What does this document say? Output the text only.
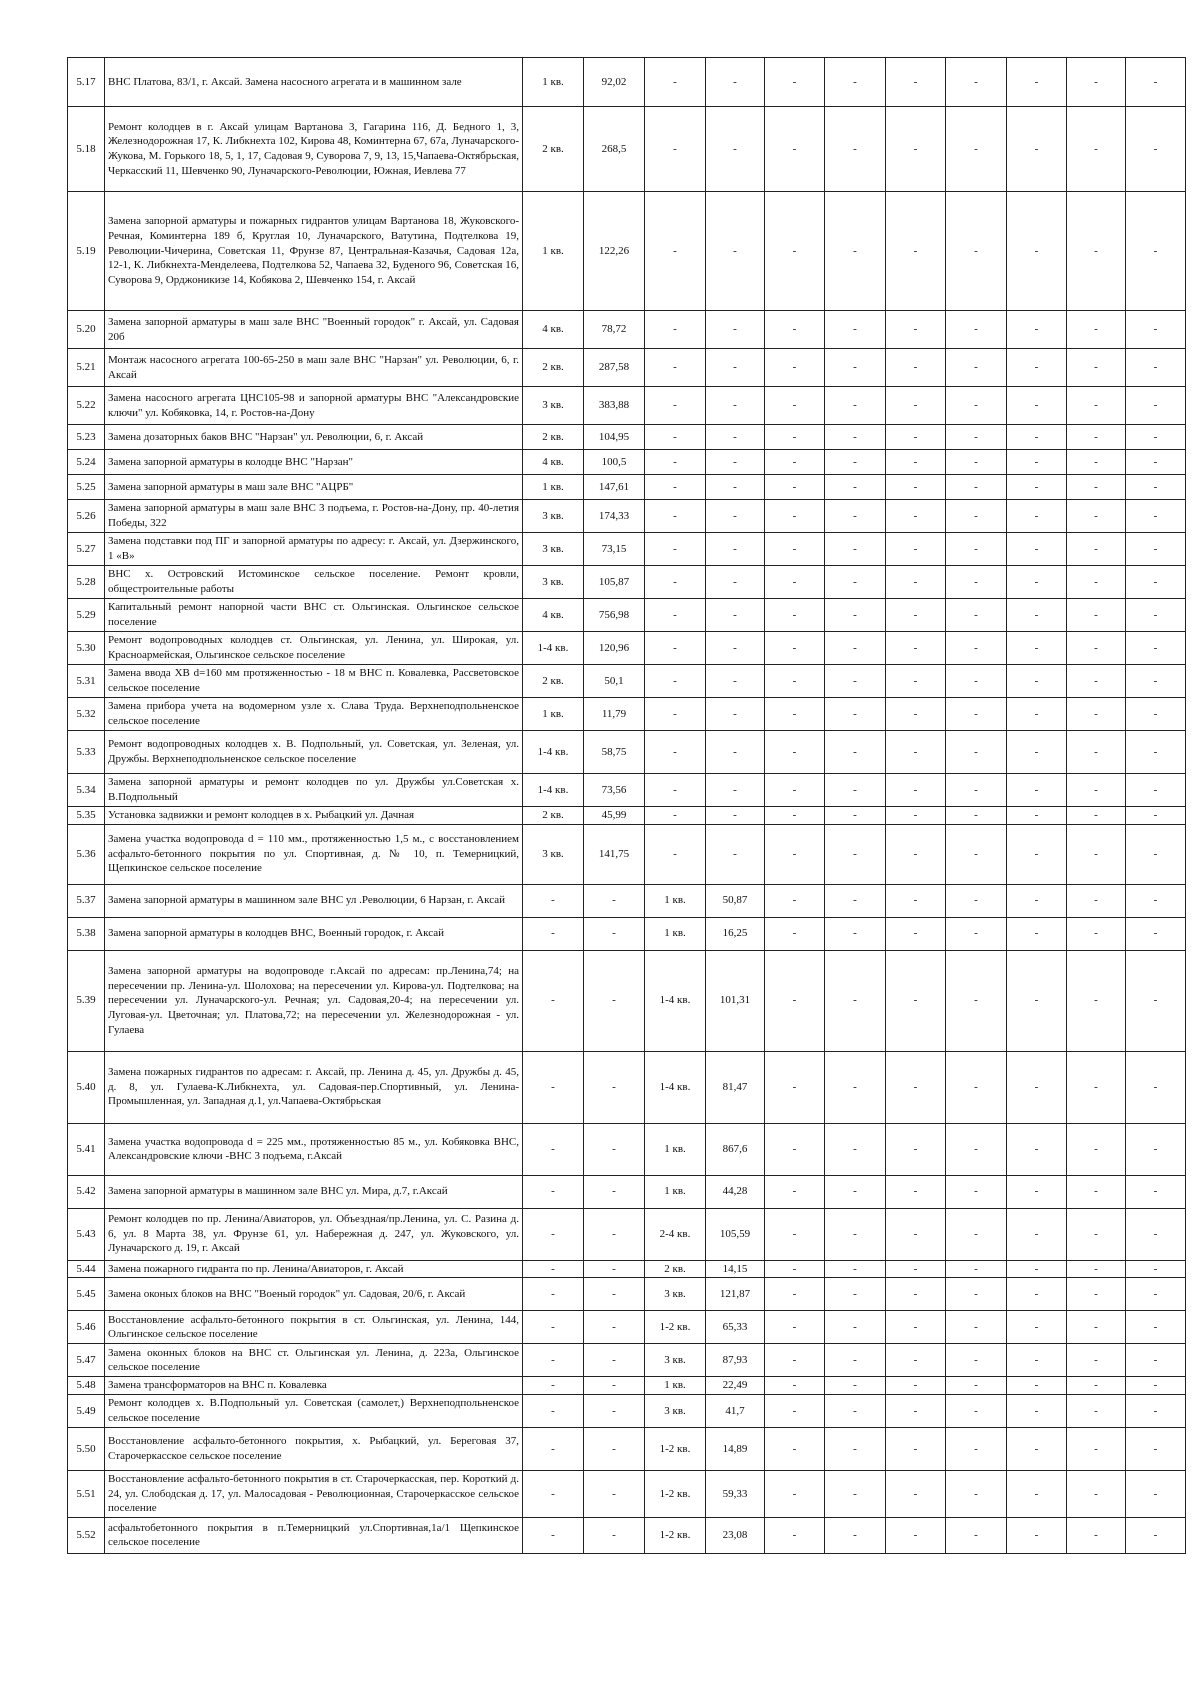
5.17	ВНС Платова, 83/1, г. Аксай. Замена насосного агрегата и в машинном зале	1 кв.	92,02	-	-	-	-	-	-	-	-	-
5.18	Ремонт колодцев в г. Аксай улицам Вартанова 3, Гагарина 116, Д. Бедного 1, 3, Железнодорожная 17, К. Либкнехта 102, Кирова 48, Коминтерна 67, 67а, Луначарского-Жукова, М. Горького 18, 5, 1, 17, Садовая 9, Суворова 7, 9, 13, 15,Чапаева-Октябрьская, Черкасский 11, Шевченко 90, Луначарского-Революции, Южная, Иевлева 77	2 кв.	268,5	-	-	-	-	-	-	-	-	-
5.19	Замена запорной арматуры и пожарных гидрантов улицам Вартанова 18, Жуковского-Речная, Коминтерна 189 б, Круглая 10, Луначарского, Ватутина, Подтелкова 19, Революции-Чичерина, Советская 11, Фрунзе 87, Центральная-Казачья, Садовая 12а, 12-1, К. Либкнехта-Менделеева, Подтелкова 52, Чапаева 32, Буденого 96, Советская 16, Суворова 9, Орджоникизе 14, Кобякова 2, Шевченко 154, г. Аксай	1 кв.	122,26	-	-	-	-	-	-	-	-	-
5.20	Замена запорной арматуры в маш зале ВНС "Военный городок" г. Аксай, ул. Садовая 20б	4 кв.	78,72	-	-	-	-	-	-	-	-	-
5.21	Монтаж насосного агрегата 100-65-250 в маш зале ВНС "Нарзан" ул. Революции, 6, г. Аксай	2 кв.	287,58	-	-	-	-	-	-	-	-	-
5.22	Замена насосного агрегата ЦНС105-98 и запорной арматуры ВНС "Александровские ключи" ул. Кобяковка, 14, г. Ростов-на-Дону	3 кв.	383,88	-	-	-	-	-	-	-	-	-
5.23	Замена дозаторных баков ВНС "Нарзан" ул. Революции, 6, г. Аксай	2 кв.	104,95	-	-	-	-	-	-	-	-	-
5.24	Замена запорной арматуры в колодце ВНС "Нарзан"	4 кв.	100,5	-	-	-	-	-	-	-	-	-
5.25	Замена запорной арматуры в маш зале ВНС "АЦРБ"	1 кв.	147,61	-	-	-	-	-	-	-	-	-
5.26	Замена запорной арматуры в маш зале ВНС 3 подъема, г. Ростов-на-Дону, пр. 40-летия Победы, 322	3 кв.	174,33	-	-	-	-	-	-	-	-	-
5.27	Замена подставки под ПГ и запорной арматуры по адресу: г. Аксай, ул. Дзержинского, 1 «В»	3 кв.	73,15	-	-	-	-	-	-	-	-	-
5.28	ВНС х. Островский Истоминское сельское поселение. Ремонт кровли, общестроительные работы	3 кв.	105,87	-	-	-	-	-	-	-	-	-
5.29	Капитальный ремонт напорной части ВНС ст. Ольгинская. Ольгинское сельское поселение	4 кв.	756,98	-	-	-	-	-	-	-	-	-
5.30	Ремонт водопроводных колодцев ст. Ольгинская, ул. Ленина, ул. Широкая, ул. Красноармейская, Ольгинское сельское поселение	1-4 кв.	120,96	-	-	-	-	-	-	-	-	-
5.31	Замена ввода ХВ d=160 мм протяженностью - 18 м ВНС п. Ковалевка, Рассветовское сельское поселение	2 кв.	50,1	-	-	-	-	-	-	-	-	-
5.32	Замена прибора учета на водомерном узле х. Слава Труда. Верхнеподпольненское сельское поселение	1 кв.	11,79	-	-	-	-	-	-	-	-	-
5.33	Ремонт водопроводных колодцев х. В. Подпольный, ул. Советская, ул. Зеленая, ул. Дружбы. Верхнеподпольненское сельское поселение	1-4 кв.	58,75	-	-	-	-	-	-	-	-	-
5.34	Замена запорной арматуры и ремонт колодцев по ул. Дружбы ул.Советская х. В.Подпольный	1-4 кв.	73,56	-	-	-	-	-	-	-	-	-
5.35	Установка задвижки и ремонт колодцев в х. Рыбацкий ул. Дачная	2 кв.	45,99	-	-	-	-	-	-	-	-	-
5.36	Замена участка водопровода d = 110 мм., протяженностью 1,5 м., с восстановлением асфальто-бетонного покрытия по ул. Спортивная, д. № 10, п. Темерницкий, Щепкинское сельское поселение	3 кв.	141,75	-	-	-	-	-	-	-	-	-
5.37	Замена запорной арматуры в машинном зале ВНС ул .Революции, 6 Нарзан, г. Аксай	-	-	1 кв.	50,87	-	-	-	-	-	-	-
5.38	Замена запорной арматуры в колодцев ВНС, Военный городок, г. Аксай	-	-	1 кв.	16,25	-	-	-	-	-	-	-
5.39	Замена запорной арматуры на водопроводе г.Аксай по адресам: пр.Ленина,74; на пересечении пр. Ленина-ул. Шолохова; на пересечении ул. Кирова-ул. Подтелкова; на пересечении ул. Луначарского-ул. Речная; ул. Садовая,20-4; на пересечении ул. Луговая-ул. Цветочная; ул. Платова,72; на пересечении ул. Железнодорожная - ул. Гулаева	-	-	1-4 кв.	101,31	-	-	-	-	-	-	-
5.40	Замена пожарных гидрантов по адресам: г. Аксай, пр. Ленина д. 45, ул. Дружбы д. 45, д. 8, ул. Гулаева-К.Либкнехта, ул. Садовая-пер.Спортивный, ул. Ленина-Промышленная, ул. Западная д.1, ул.Чапаева-Октябрьская	-	-	1-4 кв.	81,47	-	-	-	-	-	-	-
5.41	Замена участка водопровода d = 225 мм., протяженностью 85 м., ул. Кобяковка ВНС, Александровские ключи -ВНС 3 подъема, г.Аксай	-	-	1 кв.	867,6	-	-	-	-	-	-	-
5.42	Замена запорной арматуры в машинном зале ВНС ул. Мира, д.7, г.Аксай	-	-	1 кв.	44,28	-	-	-	-	-	-	-
5.43	Ремонт колодцев по пр. Ленина/Авиаторов, ул. Объездная/пр.Ленина, ул. С. Разина д. 6, ул. 8 Марта 38, ул. Фрунзе 61, ул. Набережная д. 247, ул. Жуковского, ул. Луначарского д. 19, г. Аксай	-	-	2-4 кв.	105,59	-	-	-	-	-	-	-
5.44	Замена пожарного гидранта по пр. Ленина/Авиаторов, г. Аксай	-	-	2 кв.	14,15	-	-	-	-	-	-	-
5.45	Замена оконых блоков на ВНС "Военый городок" ул. Садовая, 20/6, г. Аксай	-	-	3 кв.	121,87	-	-	-	-	-	-	-
5.46	Восстановление асфальто-бетонного покрытия в ст. Ольгинская, ул. Ленина, 144, Ольгинское сельское поселение	-	-	1-2 кв.	65,33	-	-	-	-	-	-	-
5.47	Замена оконных блоков на ВНС ст. Ольгинская ул. Ленина, д. 223а, Ольгинское сельское поселение	-	-	3 кв.	87,93	-	-	-	-	-	-	-
5.48	Замена трансформаторов на ВНС п. Ковалевка	-	-	1 кв.	22,49	-	-	-	-	-	-	-
5.49	Ремонт колодцев х. В.Подпольный ул. Советская (самолет,) Верхнеподпольненское сельское поселение	-	-	3 кв.	41,7	-	-	-	-	-	-	-
5.50	Восстановление асфальто-бетонного покрытия, х. Рыбацкий, ул. Береговая 37, Старочеркасское сельское поселение	-	-	1-2 кв.	14,89	-	-	-	-	-	-	-
5.51	Восстановление асфальто-бетонного покрытия в ст. Старочеркасская, пер. Короткий д. 24, ул. Слободская д. 17, ул. Малосадовая - Революционная, Старочеркасское сельское поселение	-	-	1-2 кв.	59,33	-	-	-	-	-	-	-
5.52	асфальтобетонного покрытия в п.Темерницкий ул.Спортивная,1а/1 Щепкинское сельское поселение	-	-	1-2 кв.	23,08	-	-	-	-	-	-	-
